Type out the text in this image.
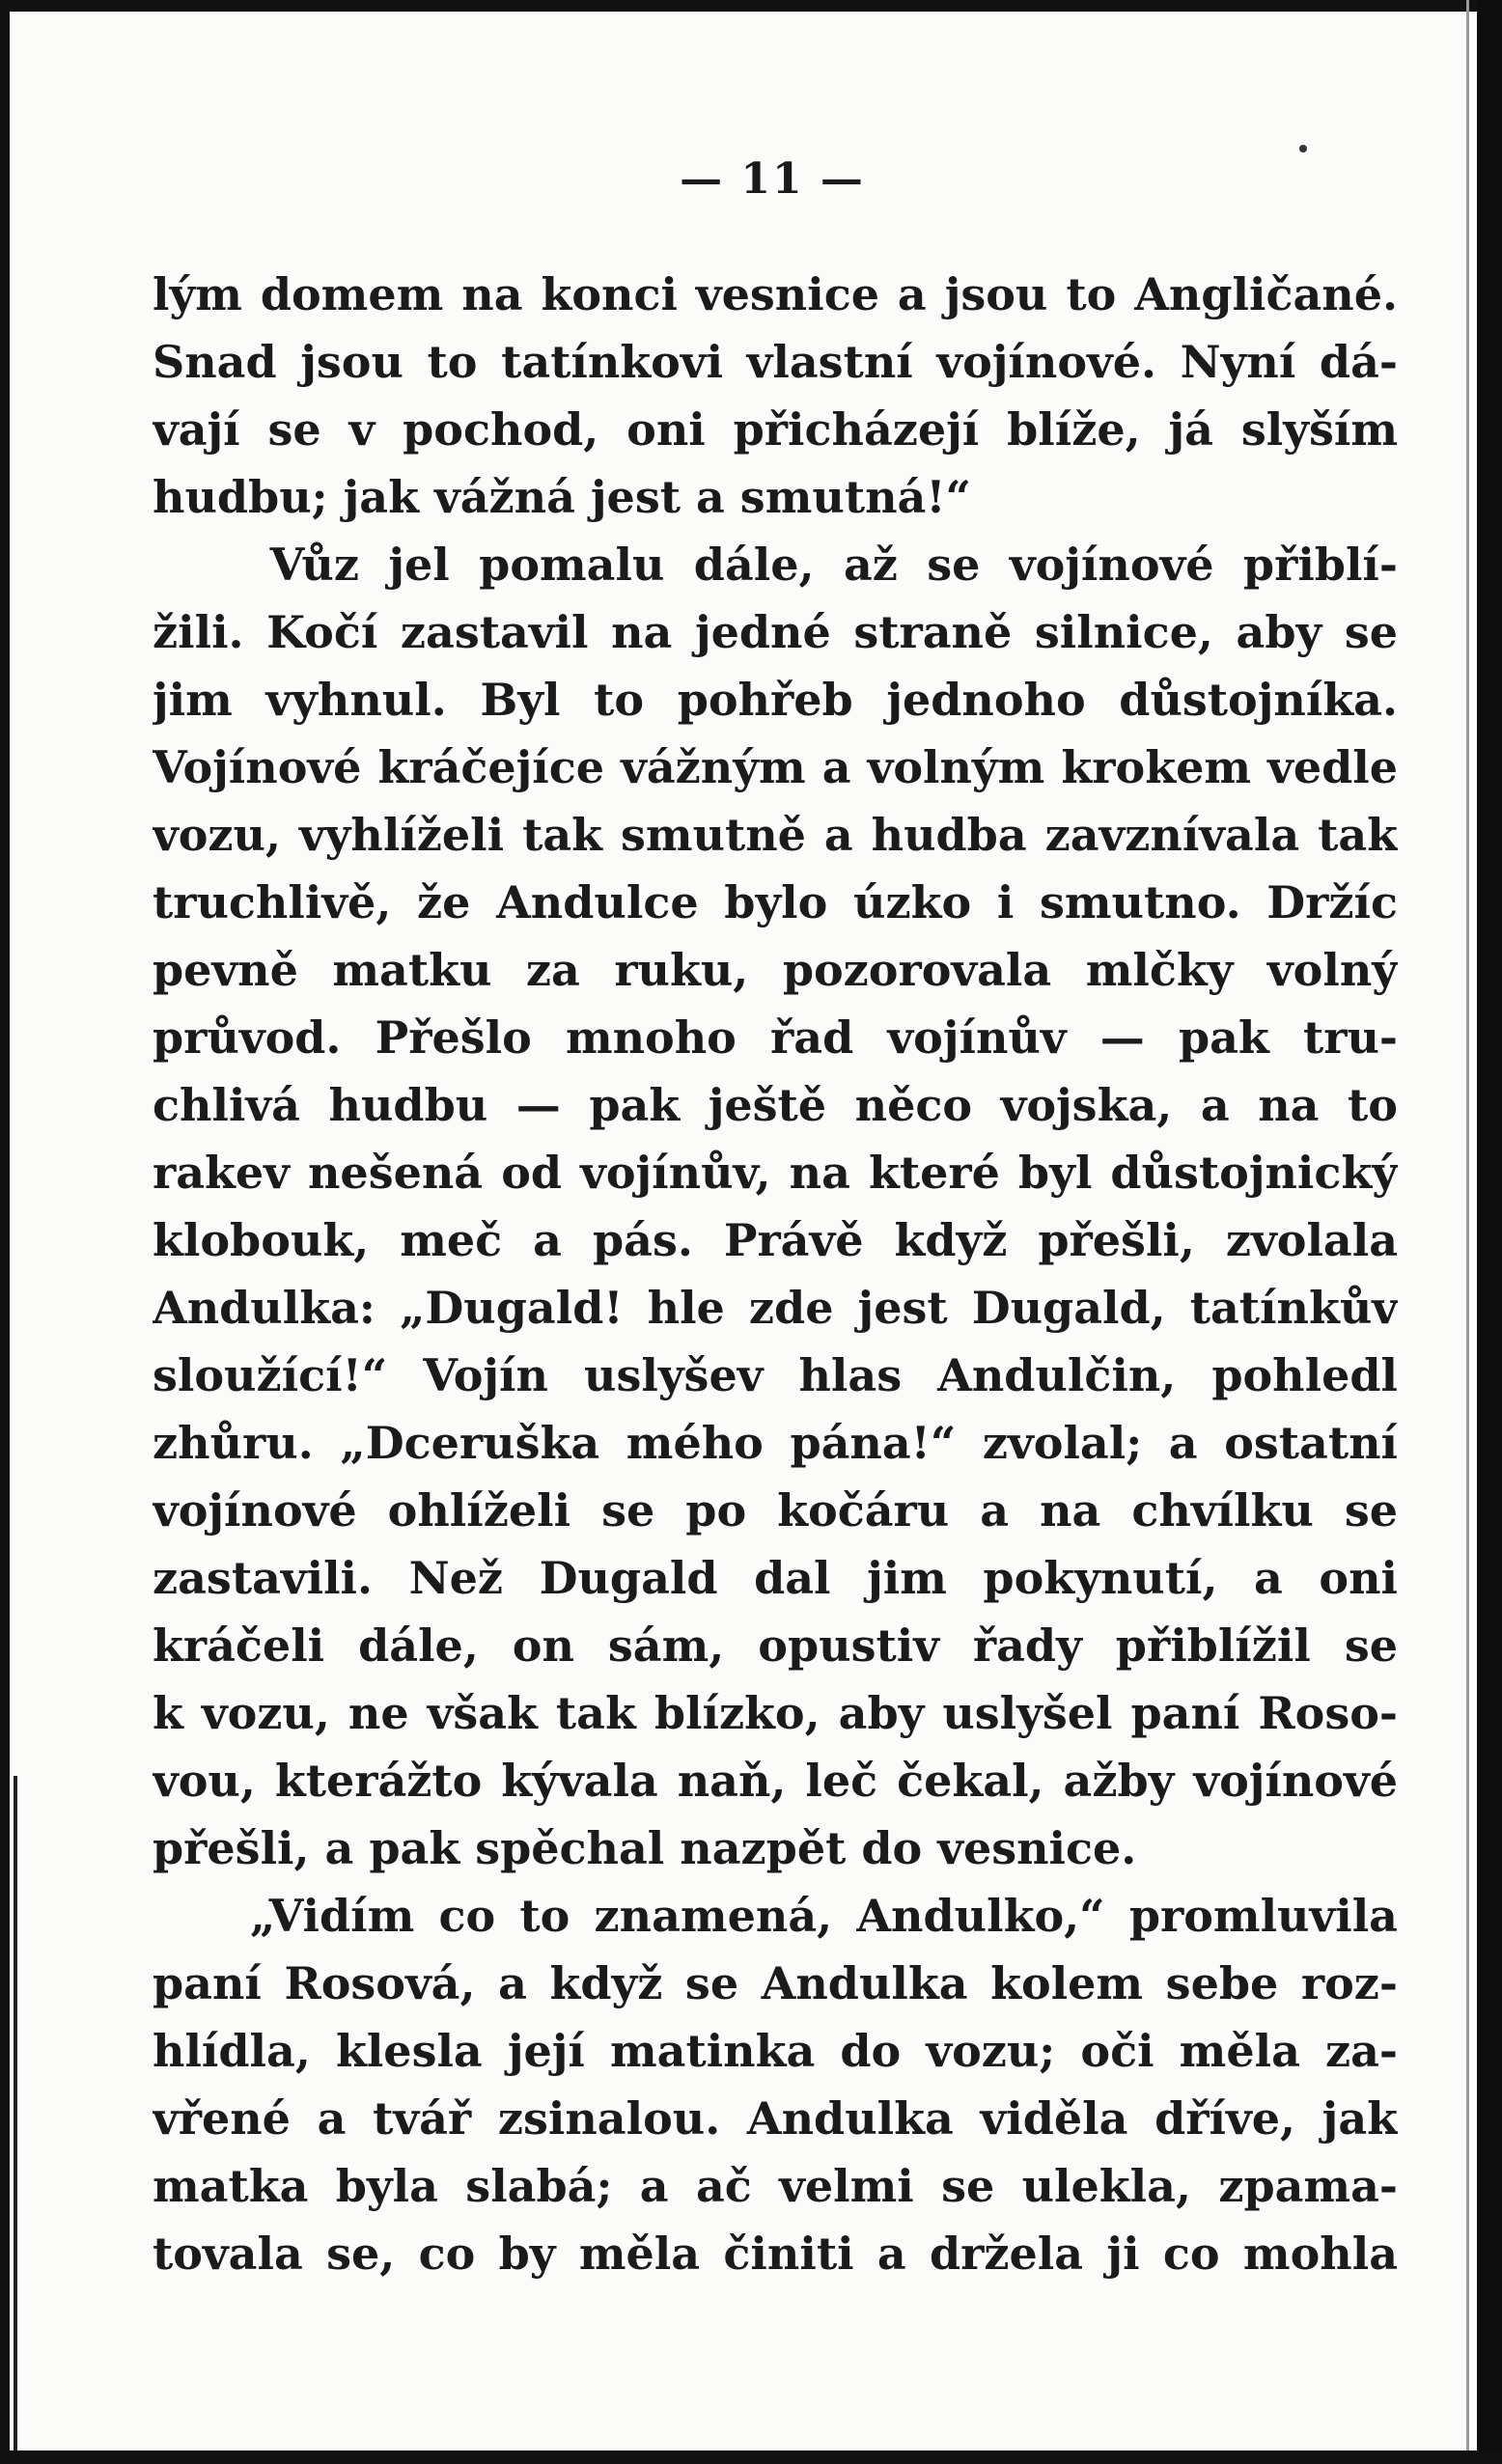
— 11 —
lým domem na konci vesnice a jsou to Angličané.
Snad jsou to tatínkovi vlastní vojínové. Nyní dá-
vají se v pochod, oni přicházejí blíže, já slyším
hudbu; jak vážná jest a smutná!“
Vůz jel pomalu dále, až se vojínové přiblí-
žili. Kočí zastavil na jedné straně silnice, aby se
jim vyhnul. Byl to pohřeb jednoho důstojníka.
Vojínové kráčejíce vážným a volným krokem vedle
vozu, vyhlíželi tak smutně a hudba zavznívala tak
truchlivě, že Andulce bylo úzko i smutno. Držíc
pevně matku za ruku, pozorovala mlčky volný
průvod. Přešlo mnoho řad vojínův — pak tru-
chlivá hudbu — pak ještě něco vojska, a na to
rakev nešená od vojínův, na které byl důstojnický
klobouk, meč a pás. Právě když přešli, zvolala
Andulka: „Dugald! hle zde jest Dugald, tatínkův
sloužící!“ Vojín uslyšev hlas Andulčin, pohledl
zhůru. „Dceruška mého pána!“ zvolal; a ostatní
vojínové ohlíželi se po kočáru a na chvílku se
zastavili. Než Dugald dal jim pokynutí, a oni
kráčeli dále, on sám, opustiv řady přiblížil se
k vozu, ne však tak blízko, aby uslyšel paní Roso-
vou, kterážto kývala naň, leč čekal, ažby vojínové
přešli, a pak spěchal nazpět do vesnice.
„Vidím co to znamená, Andulko,“ promluvila
paní Rosová, a když se Andulka kolem sebe roz-
hlídla, klesla její matinka do vozu; oči měla za-
vřené a tvář zsinalou. Andulka viděla dříve, jak
matka byla slabá; a ač velmi se ulekla, zpama-
tovala se, co by měla činiti a držela ji co mohla
